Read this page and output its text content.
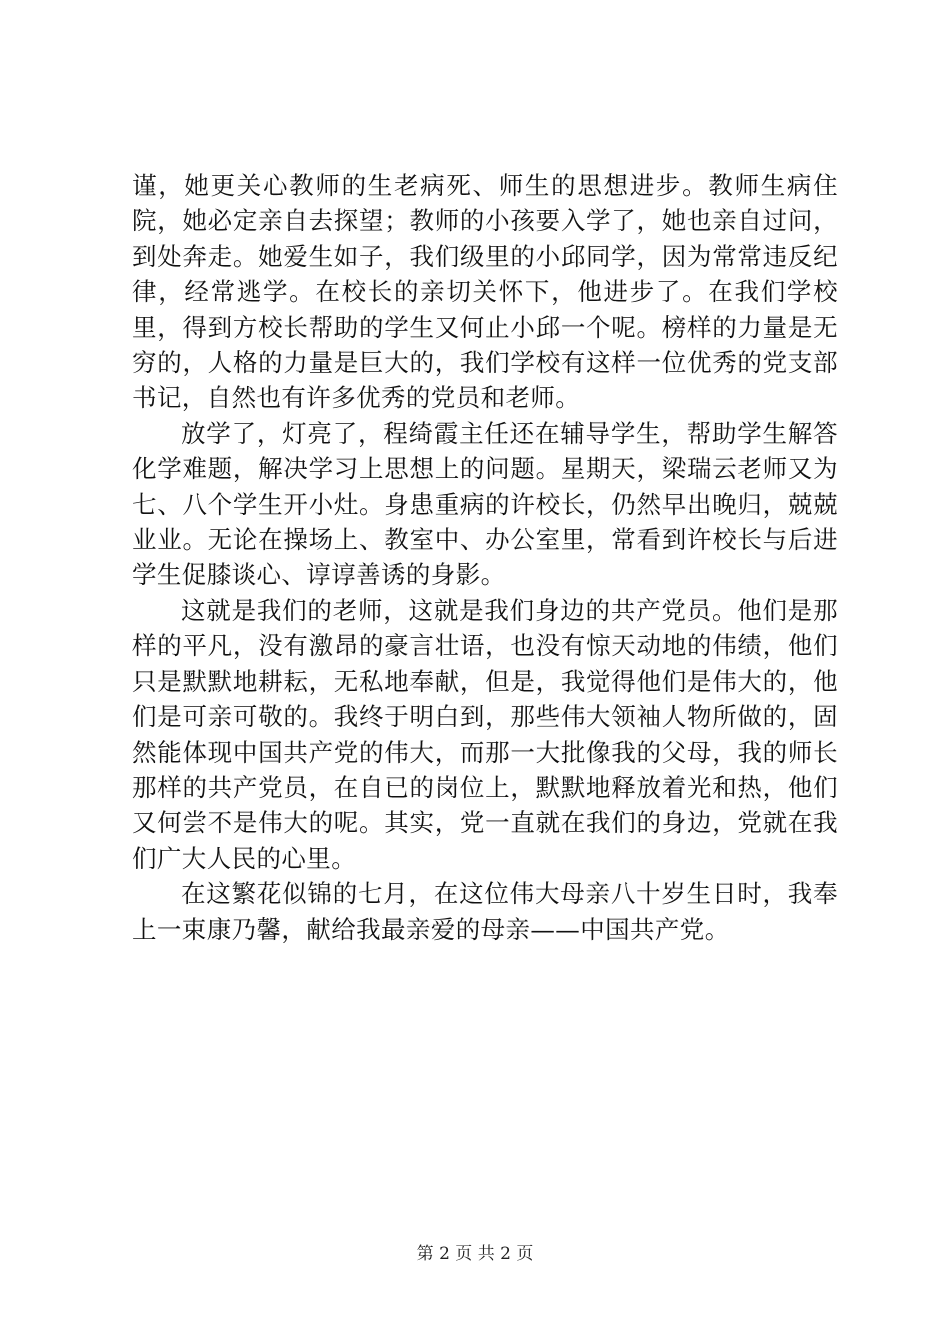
谨，她更关心教师的生老病死、师生的思想进步。教师生病住院，她必定亲自去探望；教师的小孩要入学了，她也亲自过问，到处奔走。她爱生如子，我们级里的小邱同学，因为常常违反纪律，经常逃学。在校长的亲切关怀下，他进步了。在我们学校里，得到方校长帮助的学生又何止小邱一个呢。榜样的力量是无穷的，人格的力量是巨大的，我们学校有这样一位优秀的党支部书记，自然也有许多优秀的党员和老师。

放学了，灯亮了，程绮霞主任还在辅导学生，帮助学生解答化学难题，解决学习上思想上的问题。星期天，梁瑞云老师又为七、八个学生开小灶。身患重病的许校长，仍然早出晚归，兢兢业业。无论在操场上、教室中、办公室里，常看到许校长与后进学生促膝谈心、谆谆善诱的身影。

这就是我们的老师，这就是我们身边的共产党员。他们是那样的平凡，没有激昂的豪言壮语，也没有惊天动地的伟绩，他们只是默默地耕耘，无私地奉献，但是，我觉得他们是伟大的，他们是可亲可敬的。我终于明白到，那些伟大领袖人物所做的，固然能体现中国共产党的伟大，而那一大批像我的父母，我的师长那样的共产党员，在自已的岗位上，默默地释放着光和热，他们又何尝不是伟大的呢。其实，党一直就在我们的身边，党就在我们广大人民的心里。

在这繁花似锦的七月，在这位伟大母亲八十岁生日时，我奉上一束康乃馨，献给我最亲爱的母亲——中国共产党。

第 2 页 共 2 页
